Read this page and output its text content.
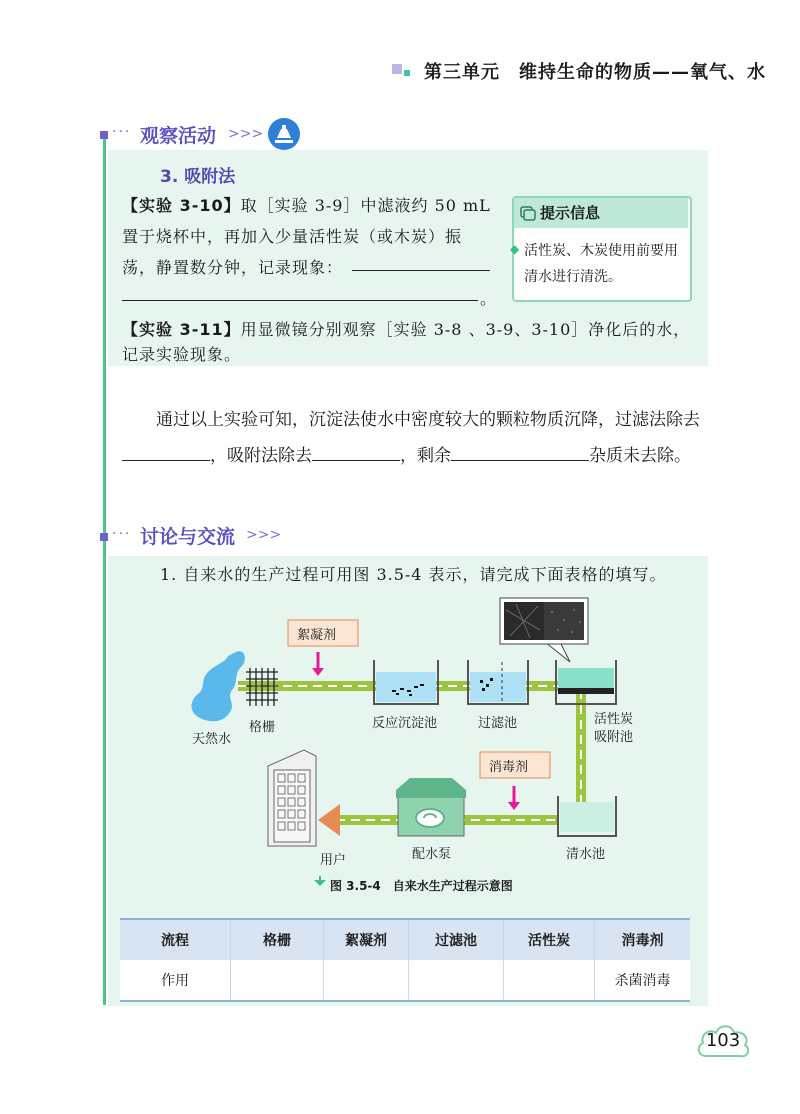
第三单元　维持生命的物质——氧气、水
··· 观察活动 >>>
3. 吸附法
【实验 3-10】取［实验 3-9］中滤液约 50 mL
置于烧杯中，再加入少量活性炭（或木炭）振
荡，静置数分钟，记录现象：
。
提示信息
◆ 活性炭、木炭使用前要用清水进行清洗。
【实验 3-11】用显微镜分别观察［实验 3-8 、3-9、3-10］净化后的水，
记录实验现象。
通过以上实验可知，沉淀法使水中密度较大的颗粒物质沉降，过滤法除去，吸附法除去	，剩余	杂质未去除。
··· 讨论与交流 >>>
1. 自来水的生产过程可用图 3.5-4 表示，请完成下面表格的填写。
天然水
格栅
絮凝剂
反应沉淀池	过滤池	活性炭
吸附池
消毒剂
清水池
配水泵
用户
图 3.5-4　自来水生产过程示意图
流程	格栅	絮凝剂	过滤池	活性炭	消毒剂
作用					杀菌消毒
103
